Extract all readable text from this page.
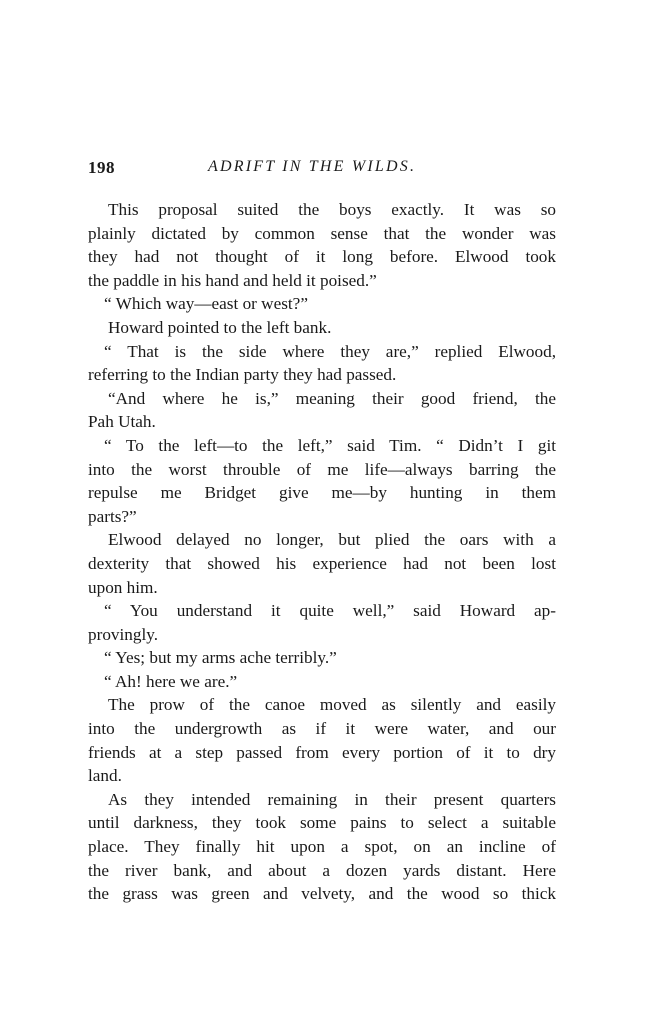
198	ADRIFT IN THE WILDS.
This proposal suited the boys exactly. It was so
plainly dictated by common sense that the wonder was
they had not thought of it long before. Elwood took
the paddle in his hand and held it poised.”
“ Which way—east or west?”
Howard pointed to the left bank.
“ That is the side where they are,” replied Elwood,
referring to the Indian party they had passed.
“And where he is,” meaning their good friend, the
Pah Utah.
“ To the left—to the left,” said Tim. “ Didn’t I git
into the worst throuble of me life—always barring the
repulse me Bridget give me—by hunting in them
parts?”
Elwood delayed no longer, but plied the oars with a
dexterity that showed his experience had not been lost
upon him.
“ You understand it quite well,” said Howard ap-
provingly.
“ Yes; but my arms ache terribly.”
“ Ah! here we are.”
The prow of the canoe moved as silently and easily
into the undergrowth as if it were water, and our
friends at a step passed from every portion of it to dry
land.
As they intended remaining in their present quarters
until darkness, they took some pains to select a suitable
place. They finally hit upon a spot, on an incline of
the river bank, and about a dozen yards distant. Here
the grass was green and velvety, and the wood so thick
